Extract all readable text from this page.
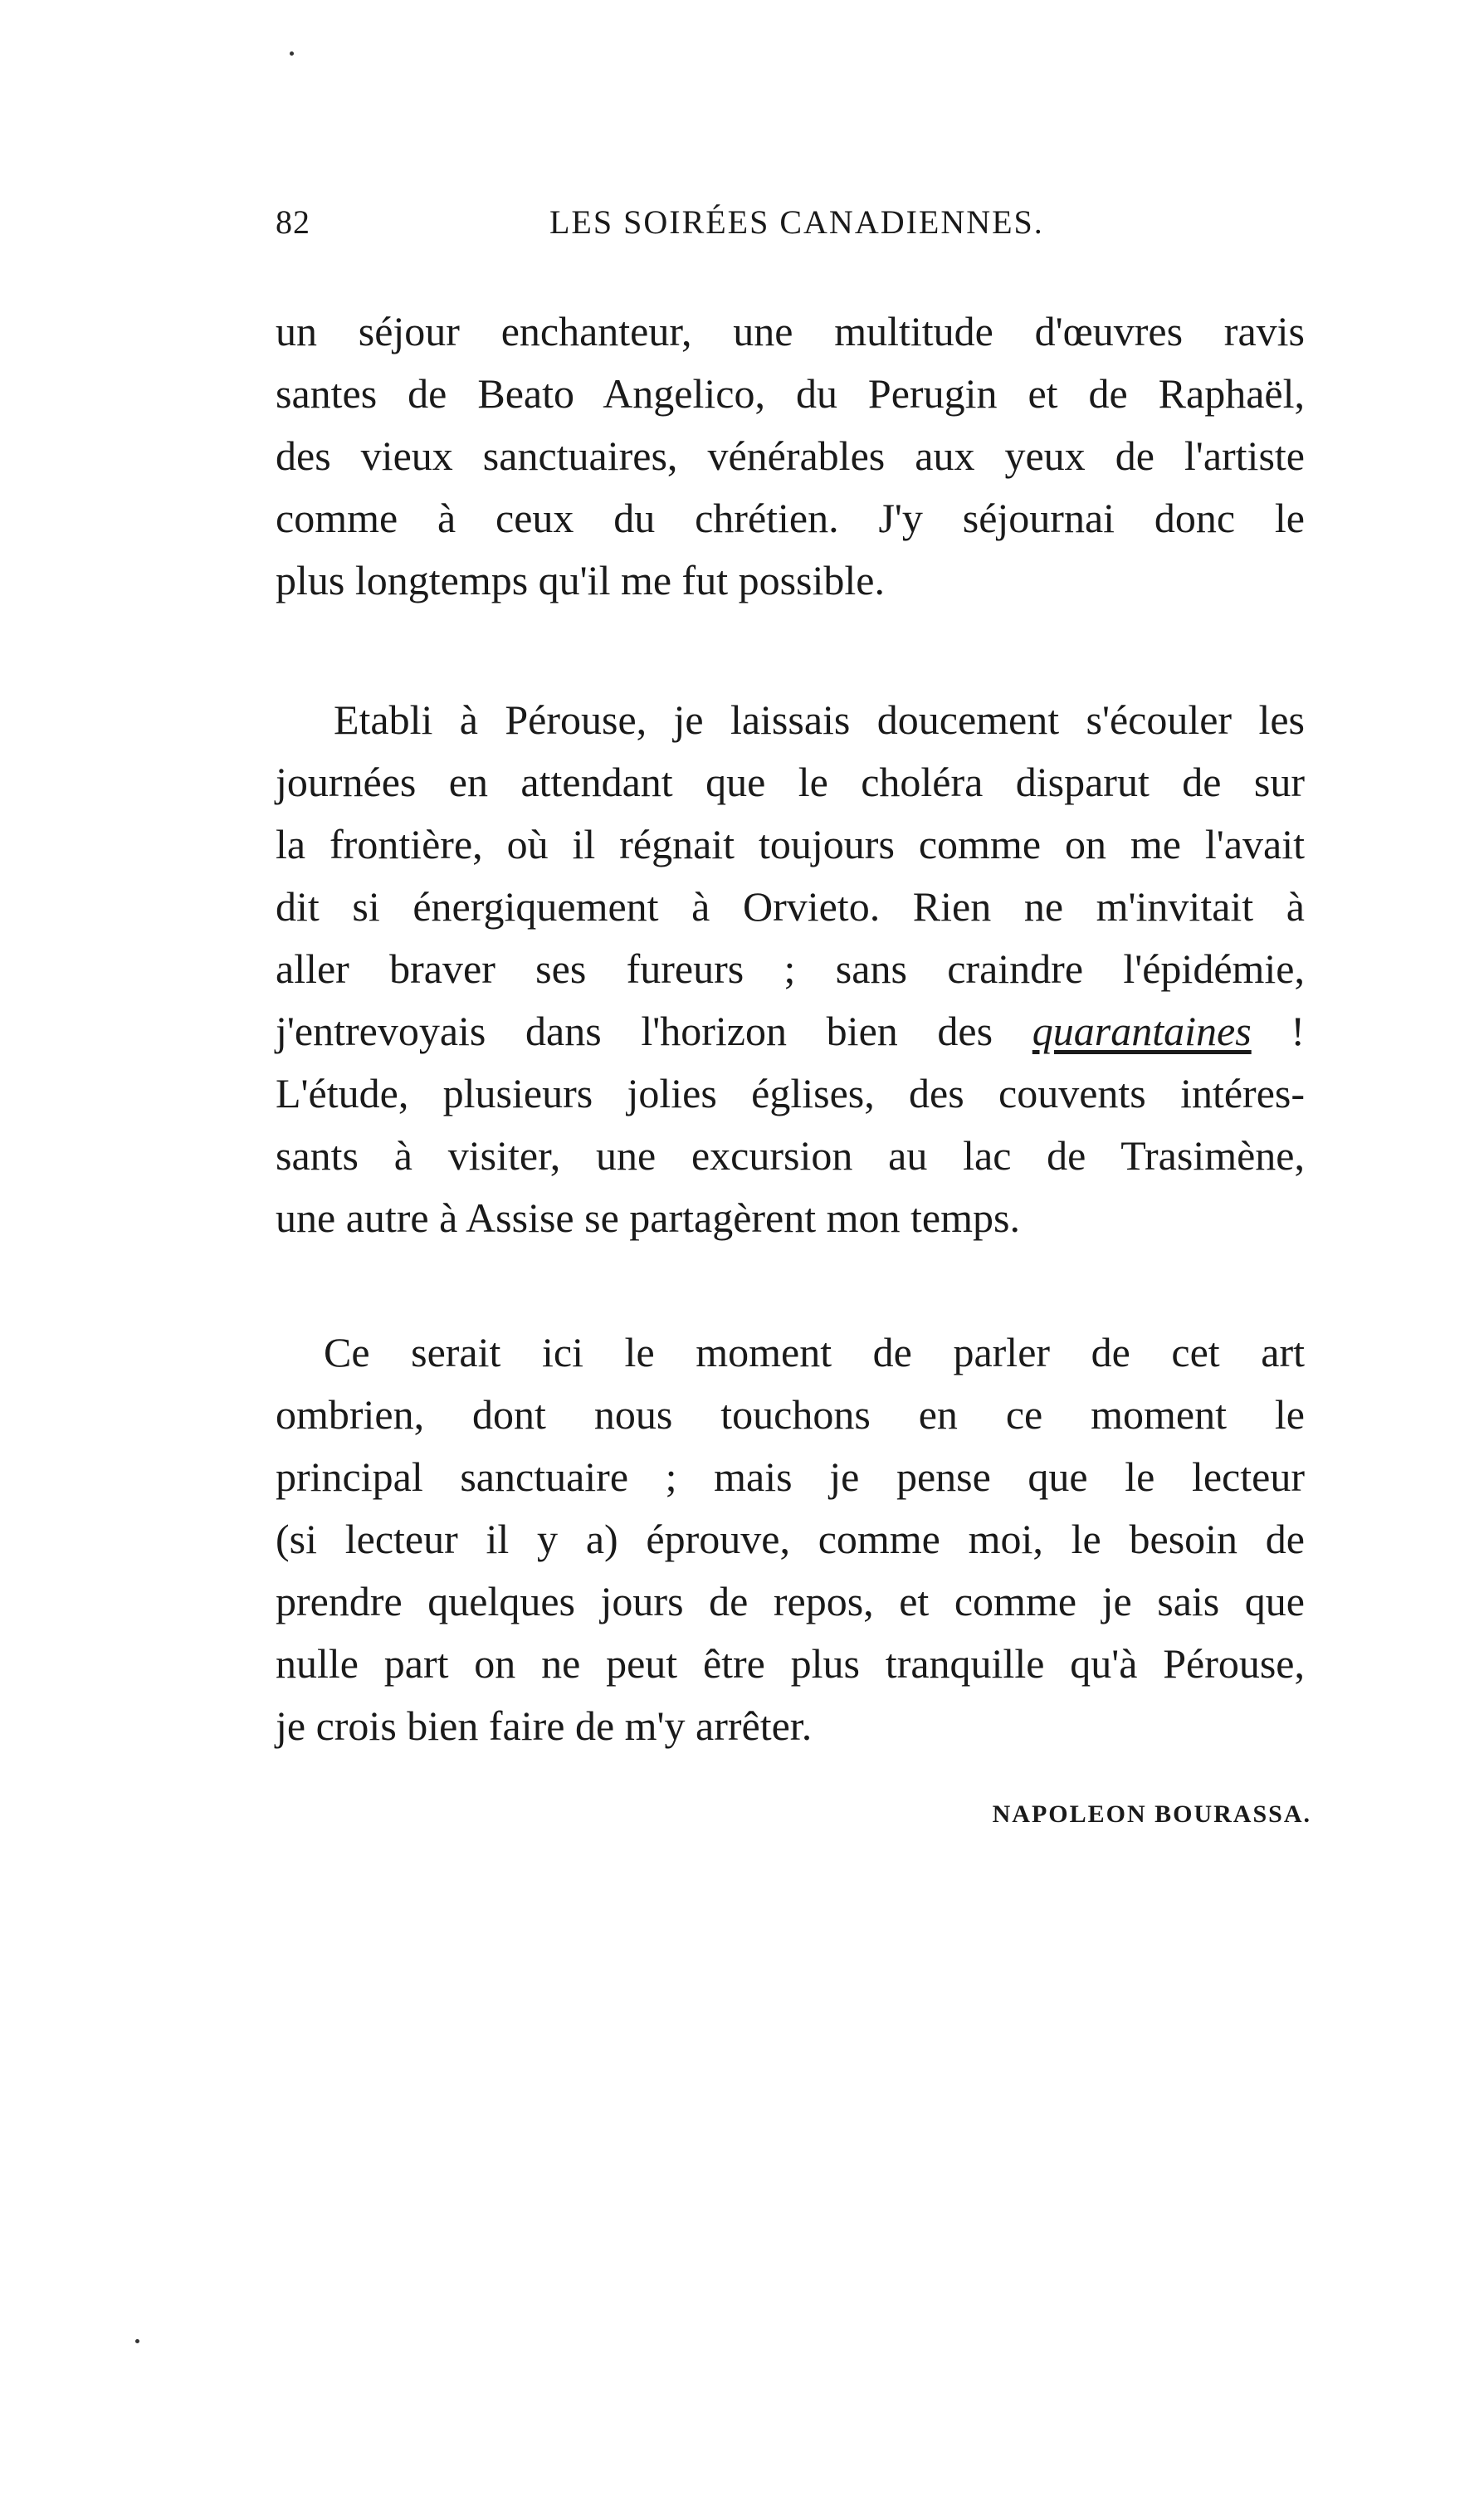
82	LES SOIRÉES CANADIENNES.
un séjour enchanteur, une multitude d'œuvres ravis
santes de Beato Angelico, du Perugin et de Raphaël,
des vieux sanctuaires, vénérables aux yeux de l'artiste
comme à ceux du chrétien. J'y séjournai donc le
plus longtemps qu'il me fut possible.
Etabli à Pérouse, je laissais doucement s'écouler les
journées en attendant que le choléra disparut de sur
la frontière, où il régnait toujours comme on me l'avait
dit si énergiquement à Orvieto. Rien ne m'invitait à
aller braver ses fureurs ; sans craindre l'épidémie,
j'entrevoyais dans l'horizon bien des quarantaines !
L'étude, plusieurs jolies églises, des couvents intéres-
sants à visiter, une excursion au lac de Trasimène,
une autre à Assise se partagèrent mon temps.
Ce serait ici le moment de parler de cet art
ombrien, dont nous touchons en ce moment le
principal sanctuaire ; mais je pense que le lecteur
(si lecteur il y a) éprouve, comme moi, le besoin de
prendre quelques jours de repos, et comme je sais que
nulle part on ne peut être plus tranquille qu'à Pérouse,
je crois bien faire de m'y arrêter.
NAPOLEON BOURASSA.
